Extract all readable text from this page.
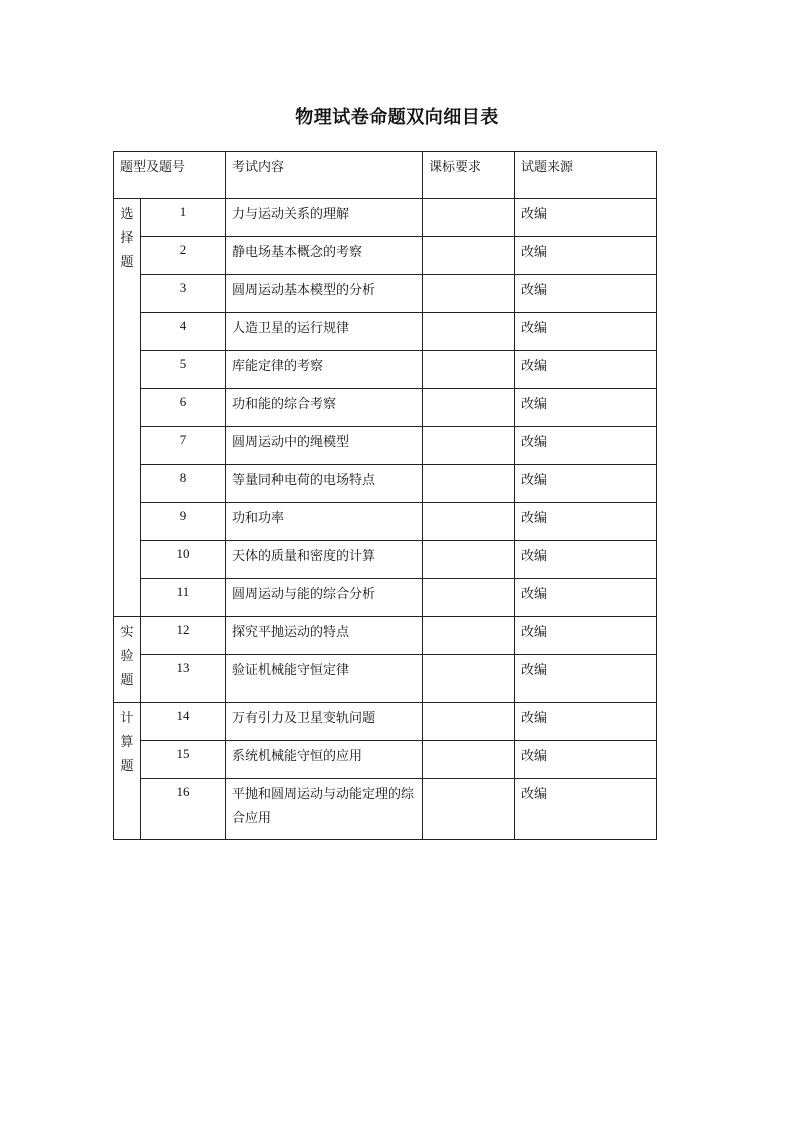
物理试卷命题双向细目表
题型及题号		考试内容	课标要求	试题来源

选
择
题	1	力与运动关系的理解		改编

	2	静电场基本概念的考察		改编

	3	圆周运动基本模型的分析		改编

	4	人造卫星的运行规律		改编

	5	库能定律的考察		改编

	6	功和能的综合考察		改编

	7	圆周运动中的绳模型		改编

	8	等量同种电荷的电场特点		改编

	9	功和功率		改编

	10	天体的质量和密度的计算		改编

	11	圆周运动与能的综合分析		改编

实
验
题	12	探究平抛运动的特点		改编

	13	验证机械能守恒定律		改编

计
算
题	14	万有引力及卫星变轨问题		改编

	15	系统机械能守恒的应用		改编

	16	平抛和圆周运动与动能定理的综合应用		改编
